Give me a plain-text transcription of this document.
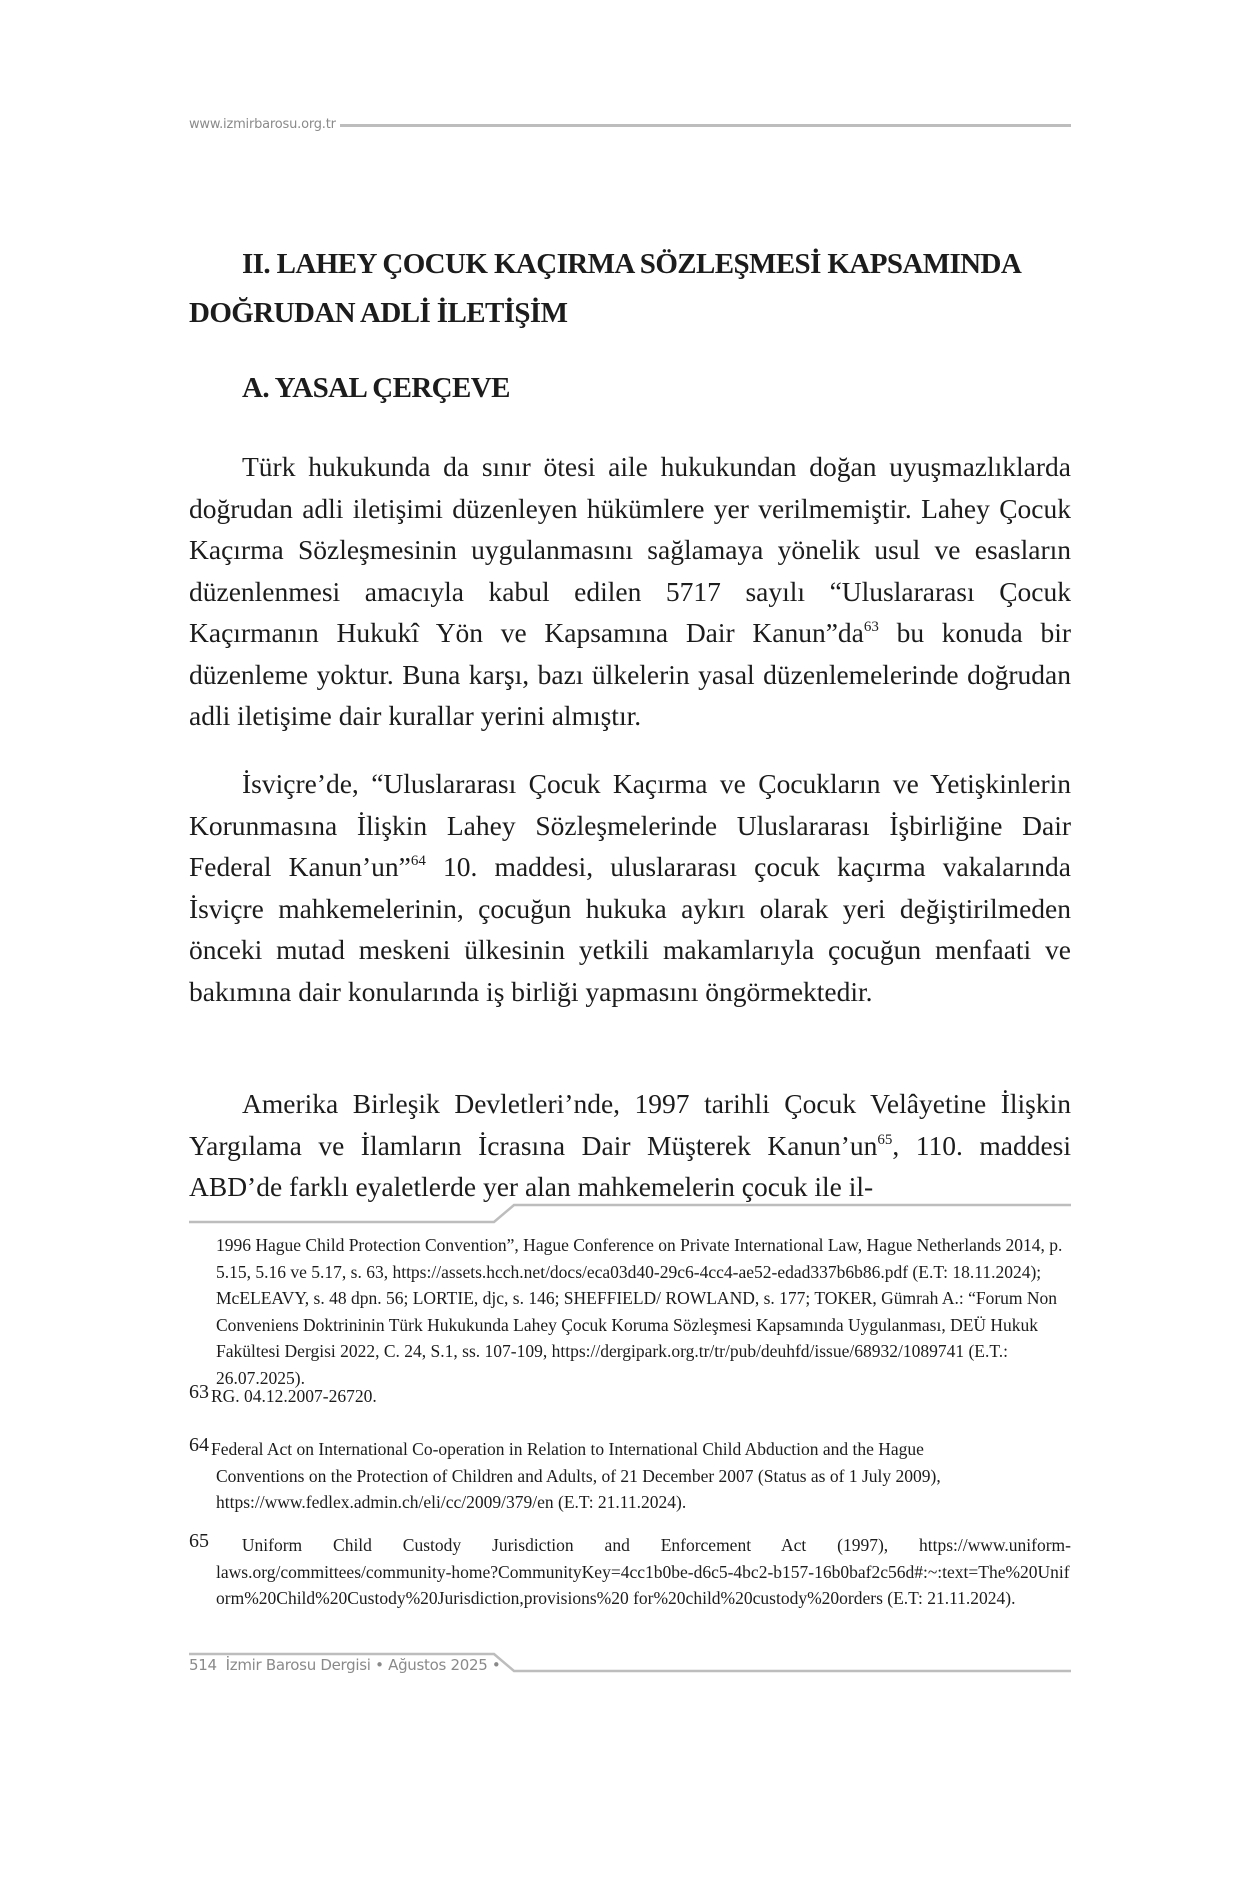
www.izmirbarosu.org.tr
II. LAHEY ÇOCUK KAÇIRMA SÖZLEŞMESİ KAPSAMINDA
DOĞRUDAN ADLİ İLETİŞİM
A. YASAL ÇERÇEVE

Türk hukukunda da sınır ötesi aile hukukundan doğan uyuşmazlıklarda doğrudan adli iletişimi düzenleyen hükümlere yer verilmemiştir. Lahey Çocuk Kaçırma Sözleşmesinin uygulanmasını sağlamaya yönelik usul ve esasların düzenlenmesi amacıyla kabul edilen 5717 sayılı “Uluslararası Çocuk Kaçırmanın Hukukî Yön ve Kapsamına Dair $Kanun”da^{63}$ bu konuda bir düzenleme yoktur. Buna karşı, bazı ülkelerin yasal düzenlemelerinde doğrudan adli iletişime dair kurallar yerini almıştır.

İsviçre’de, “Uluslararası Çocuk Kaçırma ve Çocukların ve Yetişkinlerin Korunmasına İlişkin Lahey Sözleşmelerinde Uluslararası İşbirliğine Dair Federal Kanun’un”$^{64}$ 10. maddesi, uluslararası çocuk kaçırma vakalarında İsviçre mahkemelerinin, çocuğun hukuka aykırı olarak yeri değiştirilmeden önceki mutad meskeni ülkesinin yetkili makamlarıyla çocuğun menfaati ve bakımına dair konularında iş birliği yapmasını öngörmektedir.

Amerika Birleşik Devletleri’nde, 1997 tarihli Çocuk Velâyetine İlişkin Yargılama ve İlamların İcrasına Dair Müşterek $Kanun’un^{65}$, 110. maddesi ABD’de farklı eyaletlerde yer alan mahkemelerin çocuk ile il-

1996 Hague Child Protection Convention”, Hague Conference on Private International Law, Hague Netherlands 2014, p. 5.15, 5.16 ve 5.17, s. 63, https://assets.hcch.net/docs/eca03d40-29c6-4cc4-ae52-edad337b6b86.pdf (E.T: 18.11.2024); McELEAVY, s. 48 dpn. 56; LORTIE, djc, s. 146; SHEFFIELD/ ROWLAND, s. 177; TOKER, Gümrah A.: “Forum Non Conveniens Doktrininin Türk Hukukunda Lahey Çocuk Koruma Sözleşmesi Kapsamında Uygulanması, DEÜ Hukuk Fakültesi Dergisi 2022, C. 24, S.1, ss. 107-109, https://dergipark.org.tr/tr/pub/deuhfd/issue/68932/1089741 (E.T.: 26.07.2025).
63 RG. 04.12.2007-26720.
64 Federal Act on International Co-operation in Relation to International Child Abduction and the Hague
Conventions on the Protection of Children and Adults, of 21 December 2007 (Status as of 1 July 2009), https://www.fedlex.admin.ch/eli/cc/2009/379/en (E.T: 21.11.2024).
65 Uniform Child Custody Jurisdiction and Enforcement Act (1997), https://www.uniform-
laws.org/committees/community-home?CommunityKey=4cc1b0be-d6c5-4bc2-b157-16b0baf2c56d#:~:text=The%20Uniform%20Child%20Custody%20Jurisdiction,provisions%20 for%20child%20custody%20orders (E.T: 21.11.2024).
514 İzmir Barosu Dergisi • Ağustos 2025 •
